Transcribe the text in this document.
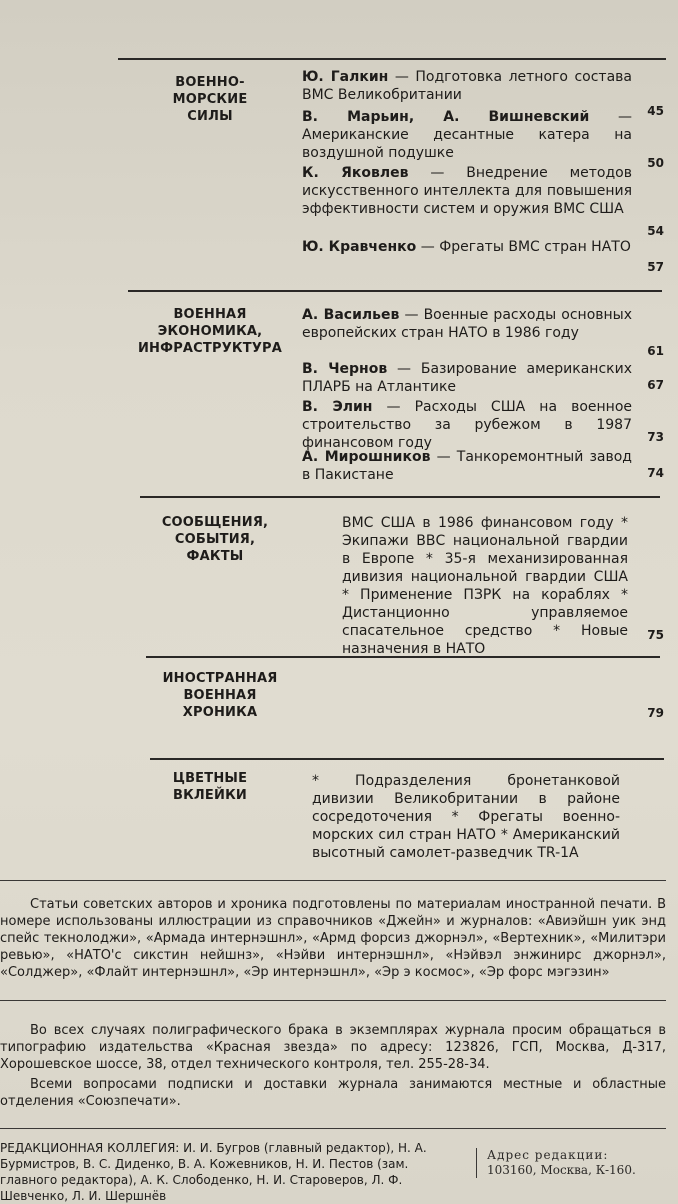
ВОЕННО-
МОРСКИЕ
СИЛЫ
Ю. Галкин — Подготовка летного состава ВМС Великобритании
45
В. Марьин, А. Вишневский — Американские десантные катера на воздушной подушке
50
К. Яковлев — Внедрение методов искусственного интеллекта для повышения эффективности систем и оружия ВМС США
54
Ю. Кравченко — Фрегаты ВМС стран НАТО
57
ВОЕННАЯ
ЭКОНОМИКА,
ИНФРАСТРУКТУРА
А. Васильев — Военные расходы основных европейских стран НАТО в 1986 году
61
В. Чернов — Базирование американских ПЛАРБ на Атлантике	67
В. Элин — Расходы США на военное строительство за рубежом в 1987 финансовом году	73
А. Мирошников — Танкоремонтный завод в Пакистане	74
СООБЩЕНИЯ,
СОБЫТИЯ,
ФАКТЫ
ВМС США в 1986 финансовом году * Экипажи ВВС национальной гвардии в Европе * 35-я механизированная дивизия национальной гвардии США * Применение ПЗРК на кораблях * Дистанционно управляемое спасательное средство * Новые назначения в НАТО
75
ИНОСТРАННАЯ
ВОЕННАЯ
ХРОНИКА	79
ЦВЕТНЫЕ
ВКЛЕЙКИ
* Подразделения бронетанковой дивизии Великобритании в районе сосредоточения * Фрегаты военно-морских сил стран НАТО * Американский высотный самолет-разведчик TR-1A
Статьи советских авторов и хроника подготовлены по материалам иностранной печати. В номере использованы иллюстрации из справочников «Джейн» и журналов: «Авиэйшн уик энд спейс текнолоджи», «Армада интернэшнл», «Армд форсиз джорнэл», «Вертехник», «Милитэри ревью», «НАТО'с сикстин нейшнз», «Нэйви интернэшнл», «Нэйвэл энжинирс джорнэл», «Солджер», «Флайт интернэшнл», «Эр интернэшнл», «Эр э космос», «Эр форс мэгэзин»
Во всех случаях полиграфического брака в экземплярах журнала просим обращаться в типографию издательства «Красная звезда» по адресу: 123826, ГСП, Москва, Д-317, Хорошевское шоссе, 38, отдел технического контроля, тел. 255-28-34.
Всеми вопросами подписки и доставки журнала занимаются местные и областные отделения «Союзпечати».
РЕДАКЦИОННАЯ КОЛЛЕГИЯ: И. И. Бугров (главный редактор), Н. А. Бурмистров, В. С. Диденко, В. А. Кожевников, Н. И. Пестов (зам. главного редактора), А. К. Слободенко, Н. И. Староверов, Л. Ф. Шевченко, Л. И. Шершнёв
Адрес редакции:
103160, Москва, К-160.
